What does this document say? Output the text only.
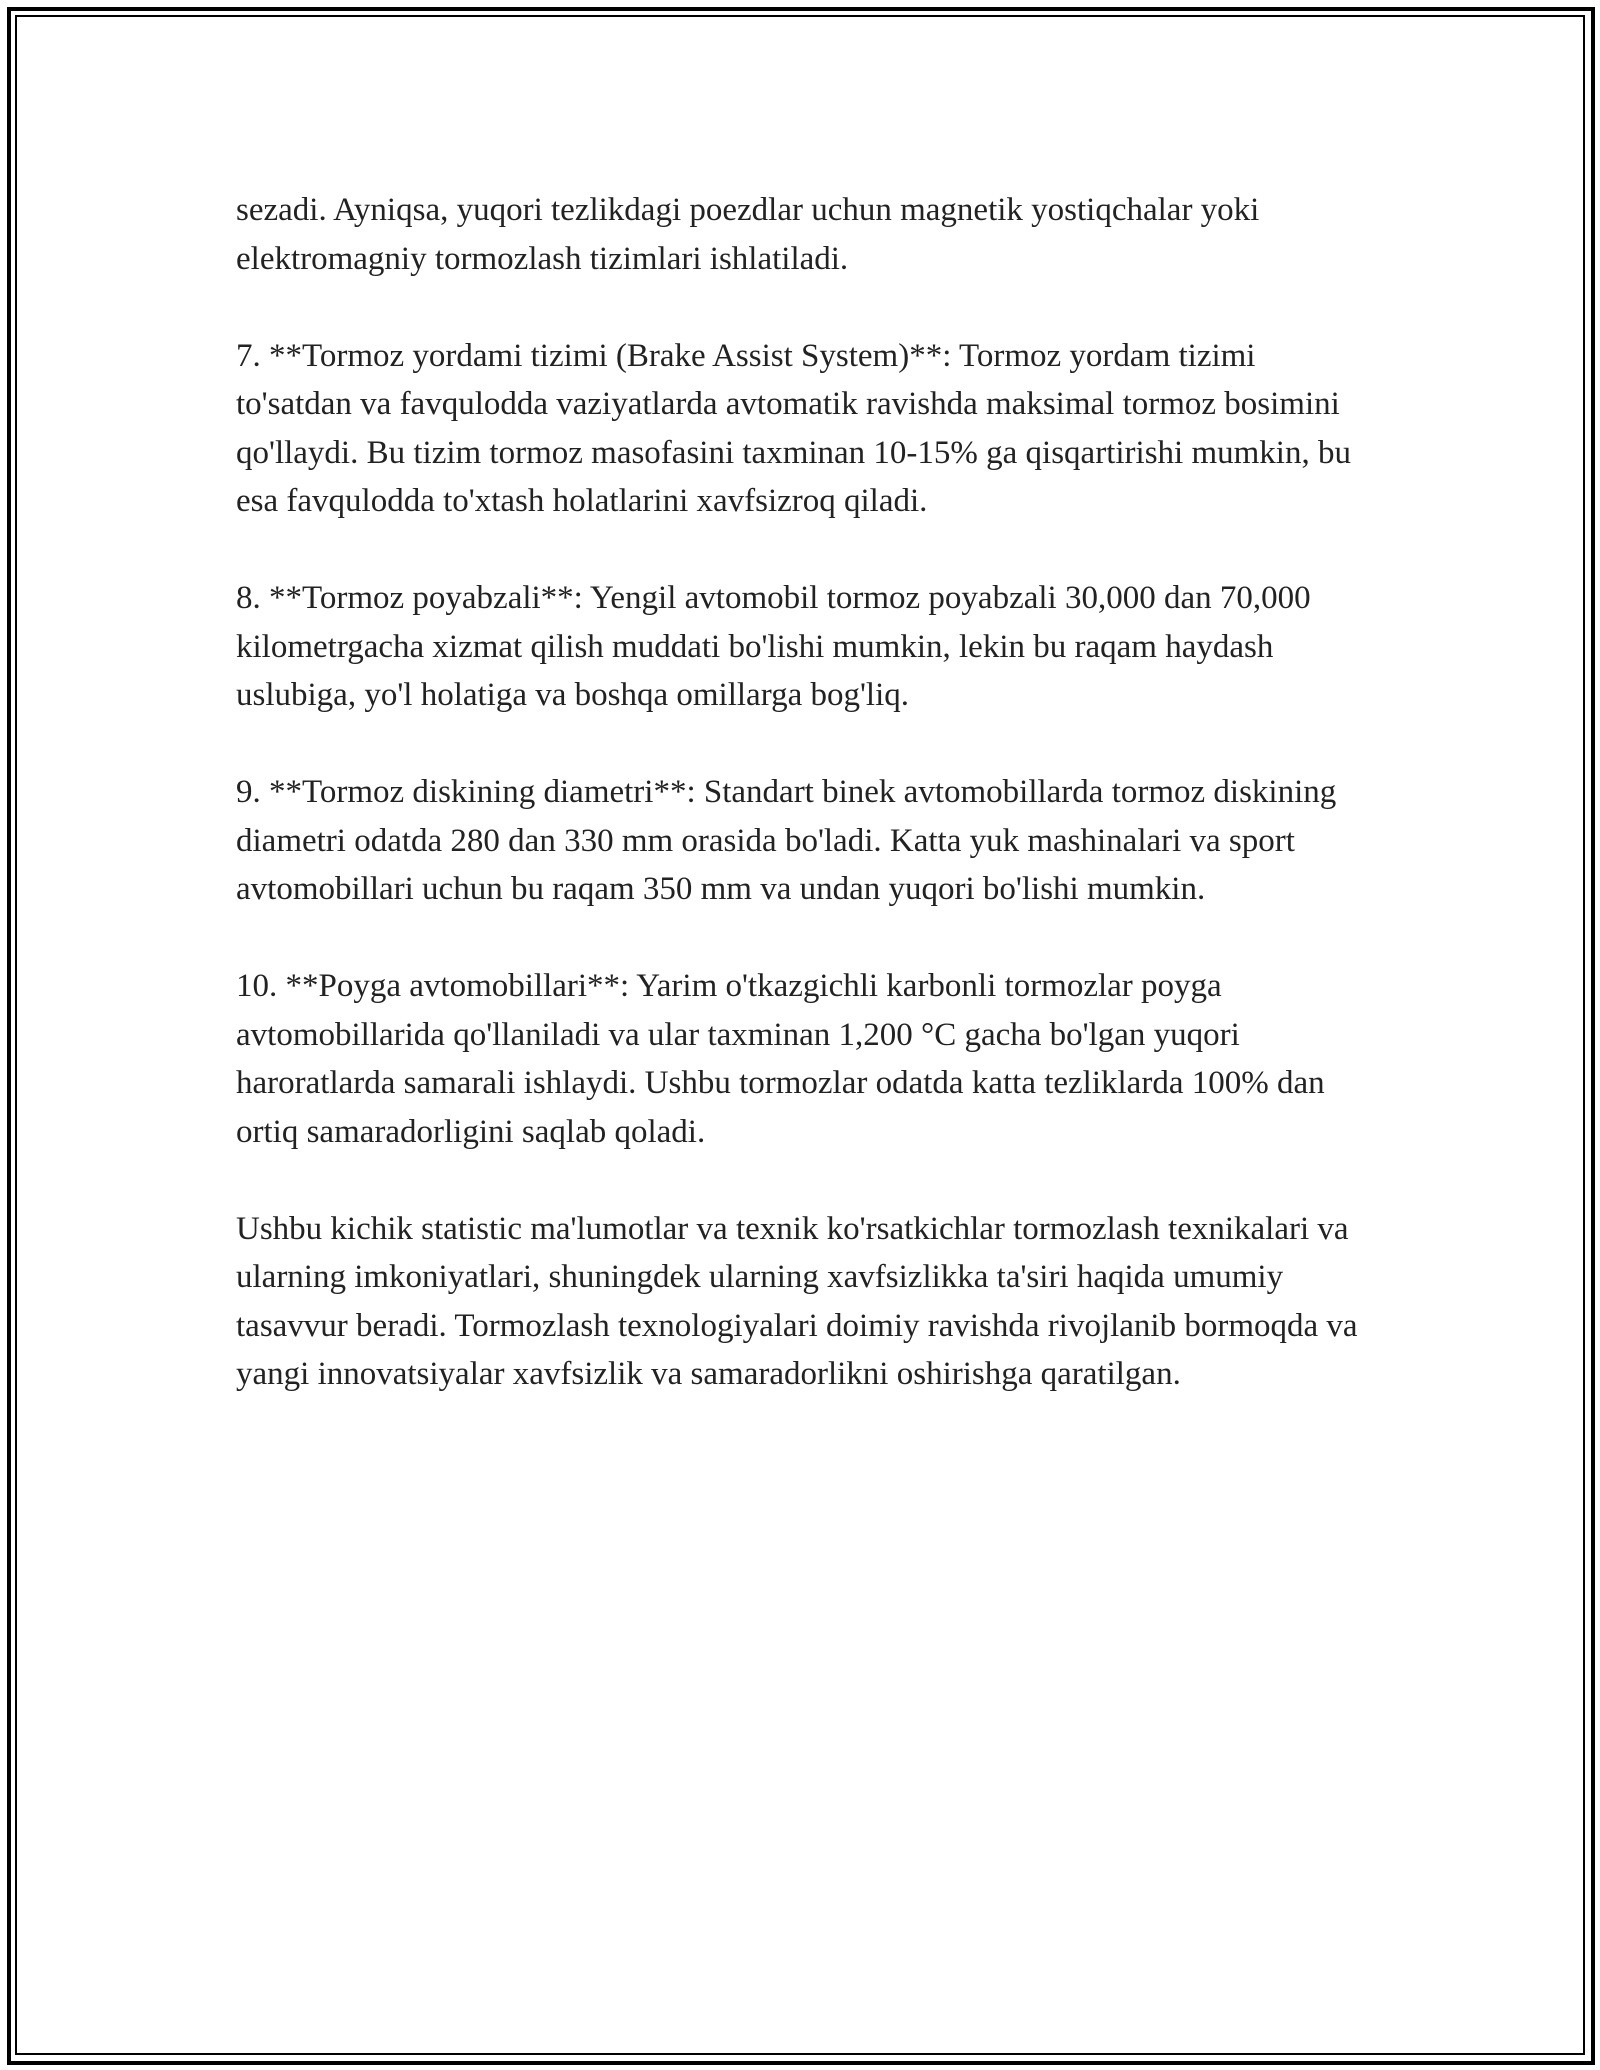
sezadi. Ayniqsa, yuqori tezlikdagi poezdlar uchun magnetik yostiqchalar yoki elektromagniy tormozlash tizimlari ishlatiladi.

7. **Tormoz yordami tizimi (Brake Assist System)**: Tormoz yordam tizimi to'satdan va favqulodda vaziyatlarda avtomatik ravishda maksimal tormoz bosimini qo'llaydi. Bu tizim tormoz masofasini taxminan 10-15% ga qisqartirishi mumkin, bu esa favqulodda to'xtash holatlarini xavfsizroq qiladi.

8. **Tormoz poyabzali**: Yengil avtomobil tormoz poyabzali 30,000 dan 70,000 kilometrgacha xizmat qilish muddati bo'lishi mumkin, lekin bu raqam haydash uslubiga, yo'l holatiga va boshqa omillarga bog'liq.

9. **Tormoz diskining diametri**: Standart binek avtomobillarda tormoz diskining diametri odatda 280 dan 330 mm orasida bo'ladi. Katta yuk mashinalari va sport avtomobillari uchun bu raqam 350 mm va undan yuqori bo'lishi mumkin.

10. **Poyga avtomobillari**: Yarim o'tkazgichli karbonli tormozlar poyga avtomobillarida qo'llaniladi va ular taxminan 1,200 °C gacha bo'lgan yuqori haroratlarda samarali ishlaydi. Ushbu tormozlar odatda katta tezliklarda 100% dan ortiq samaradorligini saqlab qoladi.

Ushbu kichik statistic ma'lumotlar va texnik ko'rsatkichlar tormozlash texnikalari va ularning imkoniyatlari, shuningdek ularning xavfsizlikka ta'siri haqida umumiy tasavvur beradi. Tormozlash texnologiyalari doimiy ravishda rivojlanib bormoqda va yangi innovatsiyalar xavfsizlik va samaradorlikni oshirishga qaratilgan.
